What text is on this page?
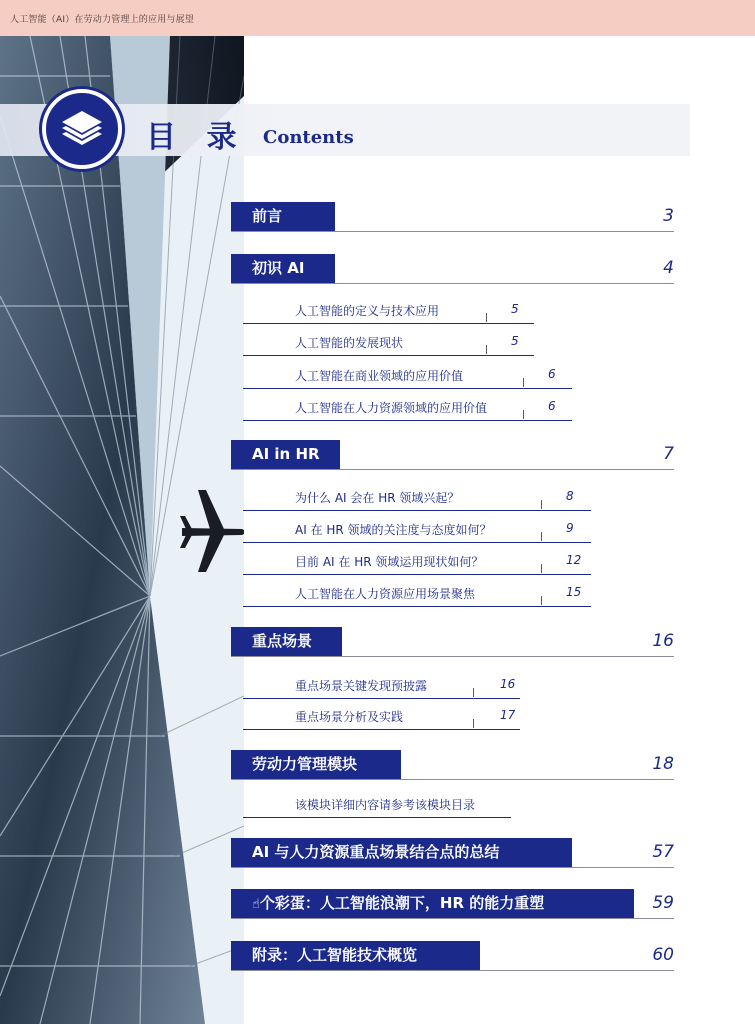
人工智能（AI）在劳动力管理上的应用与展望
目 录 Contents
前言	3
初识 AI	4
人工智能的定义与技术应用	5
人工智能的发展现状	5
人工智能在商业领域的应用价值	6
人工智能在人力资源领域的应用价值	6
AI in HR	7
为什么 AI 会在 HR 领域兴起？	8
AI 在 HR 领域的关注度与态度如何？	9
目前 AI 在 HR 领域运用现状如何？	12
人工智能在人力资源应用场景聚焦	15
重点场景	16
重点场景关键发现预披露	16
重点场景分析及实践	17
劳动力管理模块	18
该模块详细内容请参考该模块目录
AI 与人力资源重点场景结合点的总结	57
☝个彩蛋：人工智能浪潮下，HR 的能力重塑	59
附录：人工智能技术概览	60
